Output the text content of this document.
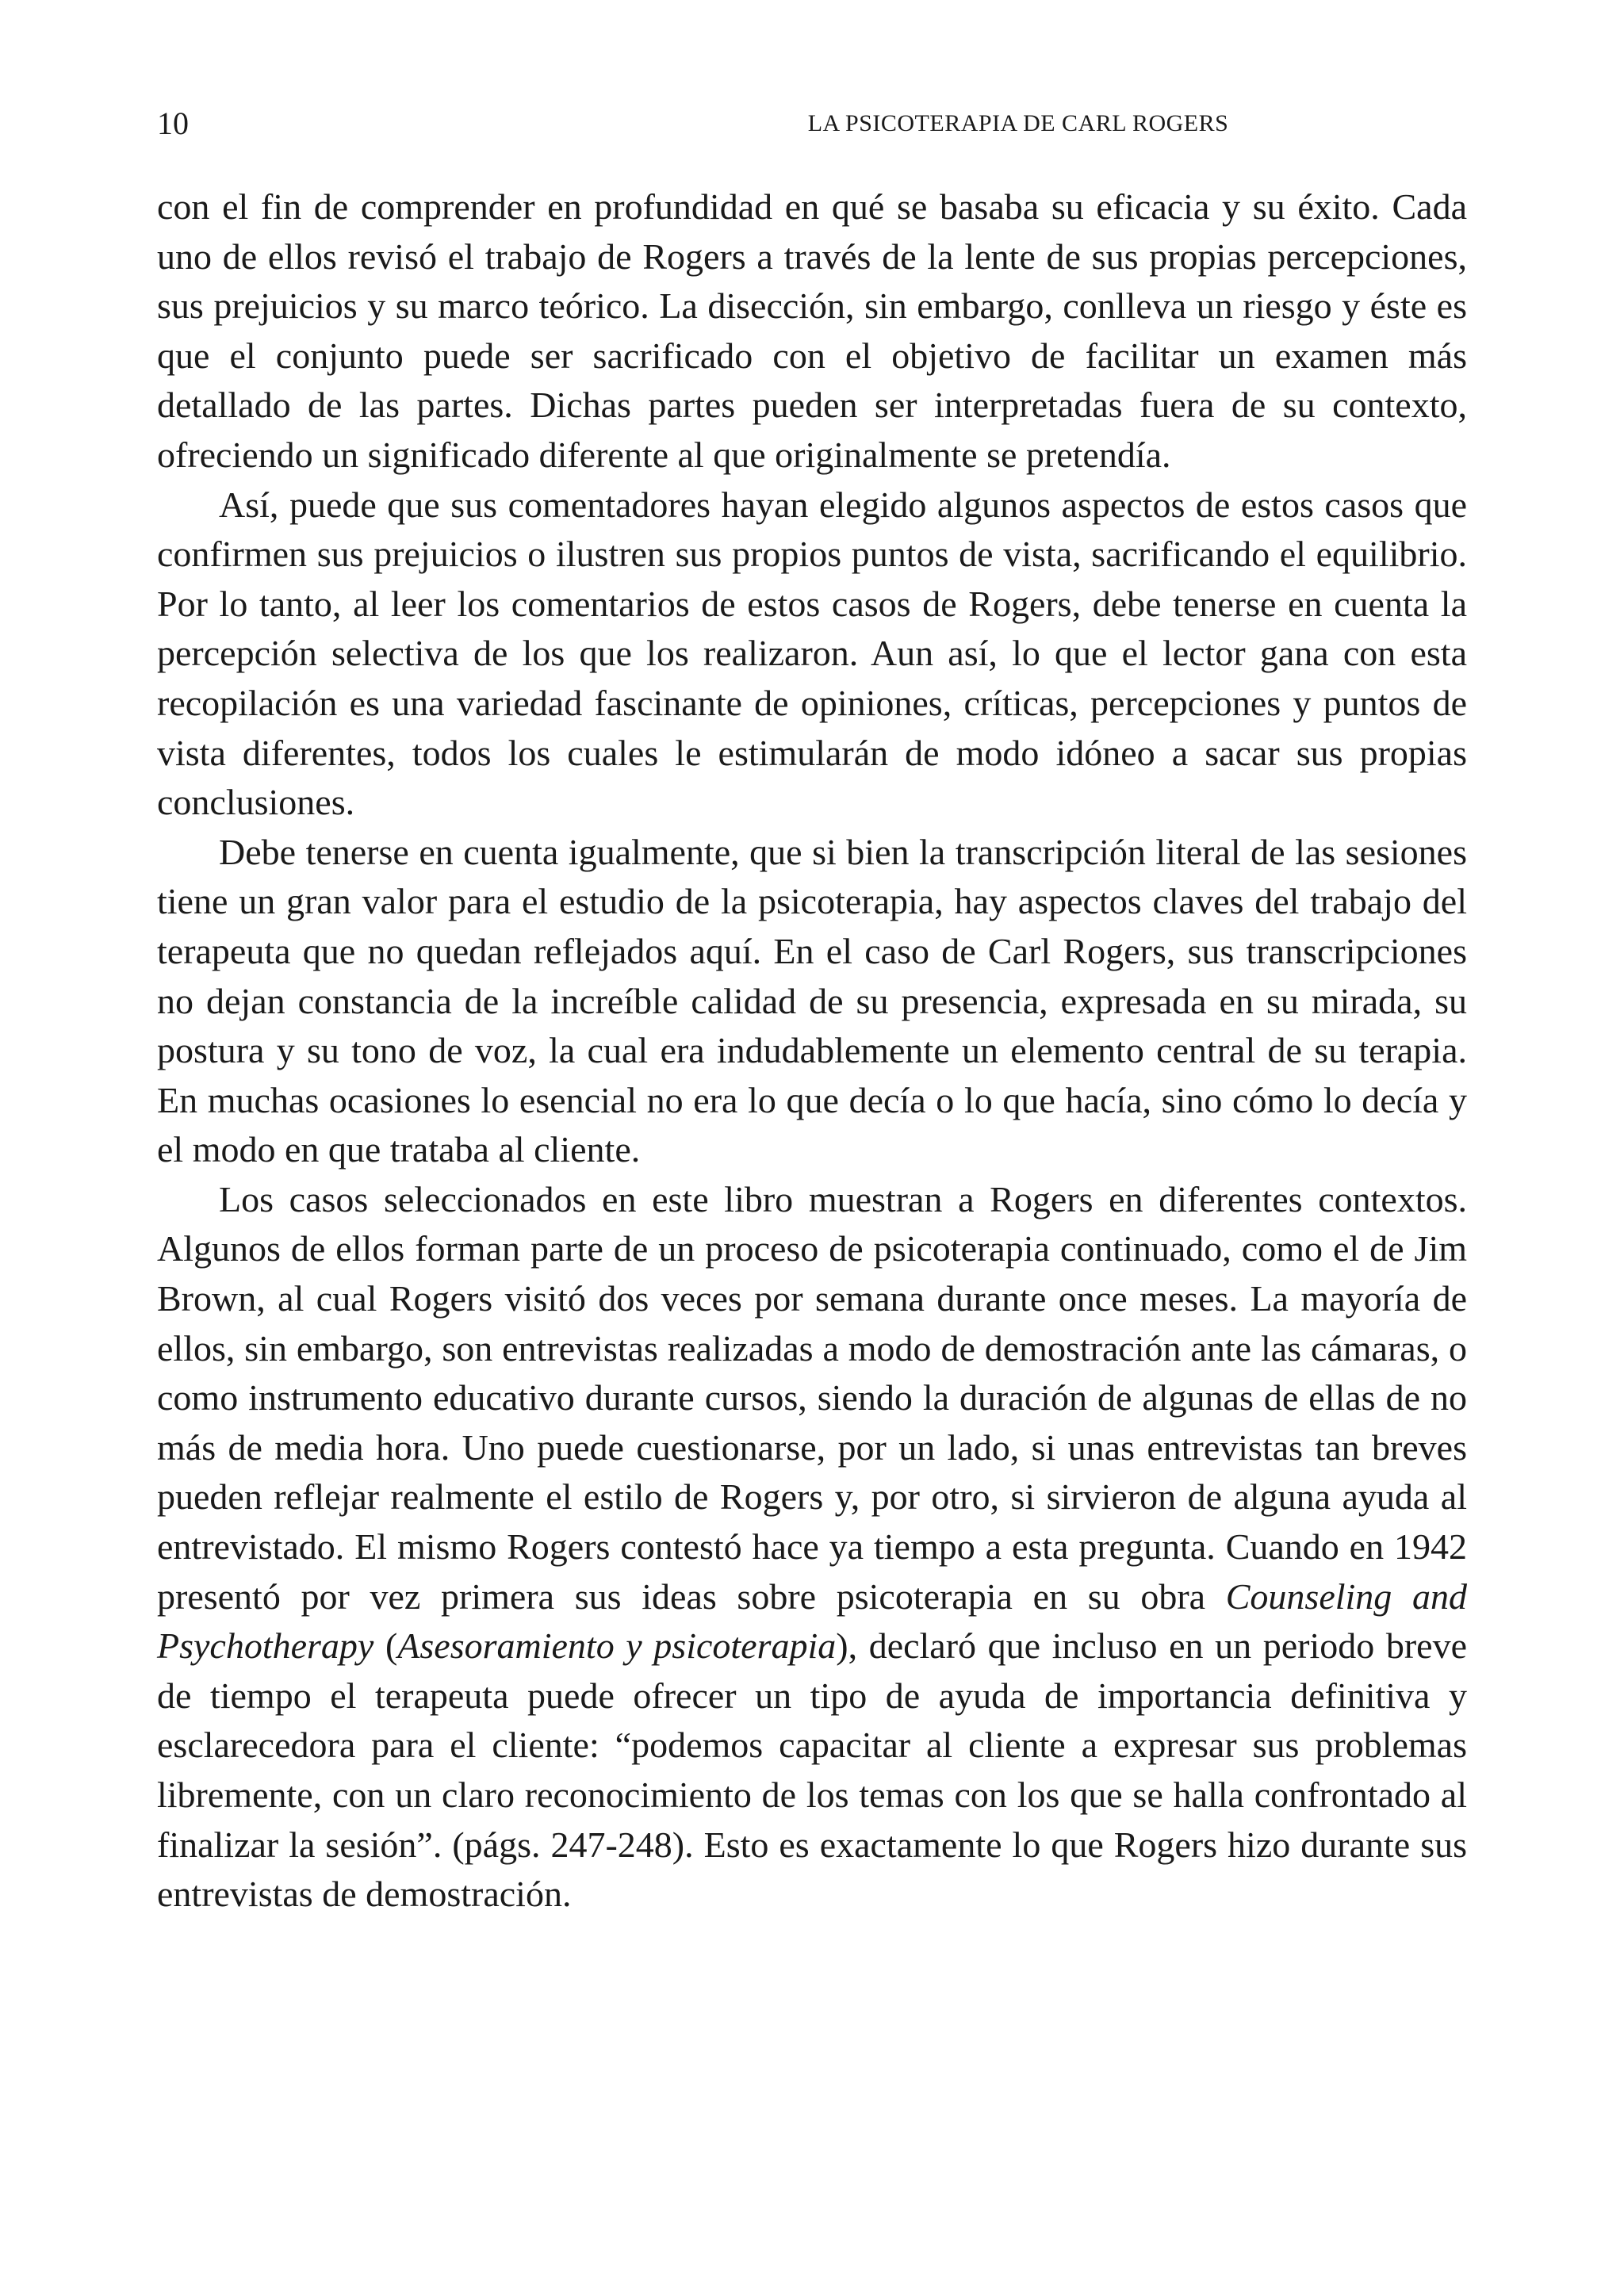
10	LA PSICOTERAPIA DE CARL ROGERS

con el fin de comprender en profundidad en qué se basaba su eficacia y su éxito. Cada uno de ellos revisó el trabajo de Rogers a través de la lente de sus propias percepciones, sus prejuicios y su marco teórico. La disección, sin embargo, conlleva un riesgo y éste es que el conjunto puede ser sacrificado con el objetivo de facilitar un examen más detallado de las partes. Dichas partes pueden ser interpretadas fuera de su contexto, ofreciendo un significado diferente al que originalmente se pretendía.

Así, puede que sus comentadores hayan elegido algunos aspectos de estos casos que confirmen sus prejuicios o ilustren sus propios puntos de vista, sacrificando el equilibrio. Por lo tanto, al leer los comentarios de estos casos de Rogers, debe tenerse en cuenta la percepción selectiva de los que los realizaron. Aun así, lo que el lector gana con esta recopilación es una variedad fascinante de opiniones, críticas, percepciones y puntos de vista diferentes, todos los cuales le estimularán de modo idóneo a sacar sus propias conclusiones.

Debe tenerse en cuenta igualmente, que si bien la transcripción literal de las sesiones tiene un gran valor para el estudio de la psicoterapia, hay aspectos claves del trabajo del terapeuta que no quedan reflejados aquí. En el caso de Carl Rogers, sus transcripciones no dejan constancia de la increíble calidad de su presencia, expresada en su mirada, su postura y su tono de voz, la cual era indudablemente un elemento central de su terapia. En muchas ocasiones lo esencial no era lo que decía o lo que hacía, sino cómo lo decía y el modo en que trataba al cliente.

Los casos seleccionados en este libro muestran a Rogers en diferentes contextos. Algunos de ellos forman parte de un proceso de psicoterapia continuado, como el de Jim Brown, al cual Rogers visitó dos veces por semana durante once meses. La mayoría de ellos, sin embargo, son entrevistas realizadas a modo de demostración ante las cámaras, o como instrumento educativo durante cursos, siendo la duración de algunas de ellas de no más de media hora. Uno puede cuestionarse, por un lado, si unas entrevistas tan breves pueden reflejar realmente el estilo de Rogers y, por otro, si sirvieron de alguna ayuda al entrevistado. El mismo Rogers contestó hace ya tiempo a esta pregunta. Cuando en 1942 presentó por vez primera sus ideas sobre psicoterapia en su obra Counseling and Psychotherapy (Asesoramiento y psicoterapia), declaró que incluso en un periodo breve de tiempo el terapeuta puede ofrecer un tipo de ayuda de importancia definitiva y esclarecedora para el cliente: “podemos capacitar al cliente a expresar sus problemas libremente, con un claro reconocimiento de los temas con los que se halla confrontado al finalizar la sesión”. (págs. 247-248). Esto es exactamente lo que Rogers hizo durante sus entrevistas de demostración.
